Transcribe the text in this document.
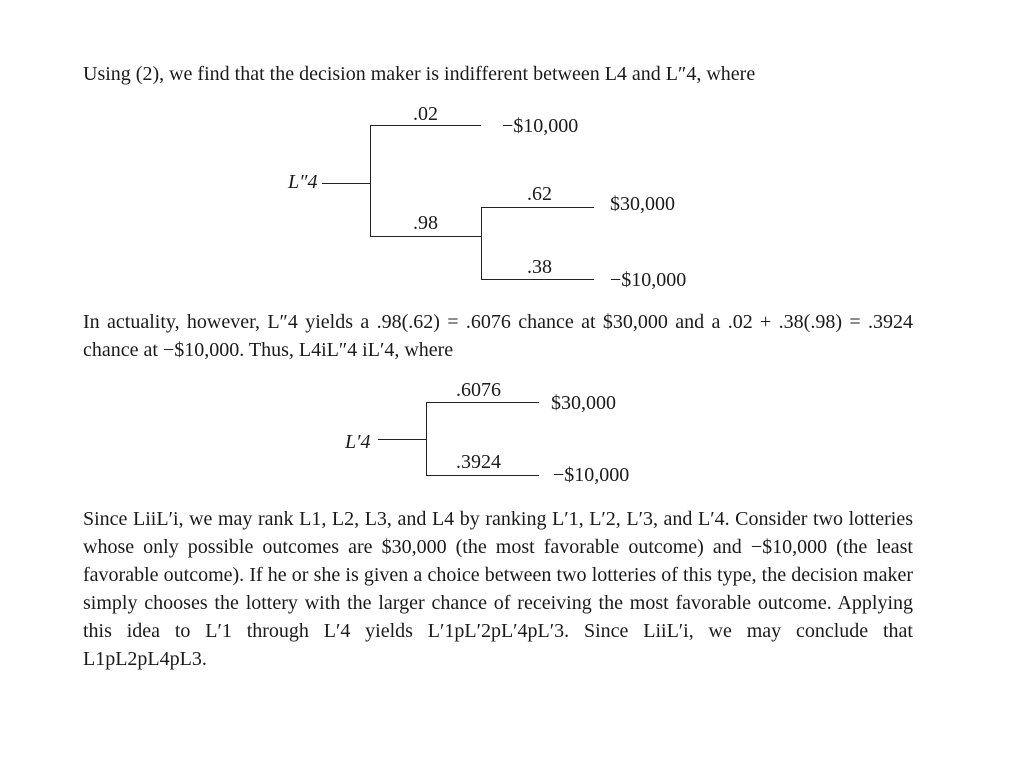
Using (2), we find that the decision maker is indifferent between L4 and L″4, where
L″4
.02
−$10,000
.98
.62	$30,000
.38
−$10,000
In actuality, however, L″4 yields a .98(.62) = .6076 chance at $30,000 and a .02 + .38(.98) = .3924 chance at −$10,000. Thus, L4iL″4 iL′4, where
L′4
.6076
$30,000
.3924
−$10,000
Since LiiL′i, we may rank L1, L2, L3, and L4 by ranking L′1, L′2, L′3, and L′4. Consider two lotteries whose only possible outcomes are $30,000 (the most favorable outcome) and −$10,000 (the least favorable outcome). If he or she is given a choice between two lotteries of this type, the decision maker simply chooses the lottery with the larger chance of receiving the most favorable outcome. Applying this idea to L′1 through L′4 yields L′1pL′2pL′4pL′3. Since LiiL′i, we may conclude that L1pL2pL4pL3.
